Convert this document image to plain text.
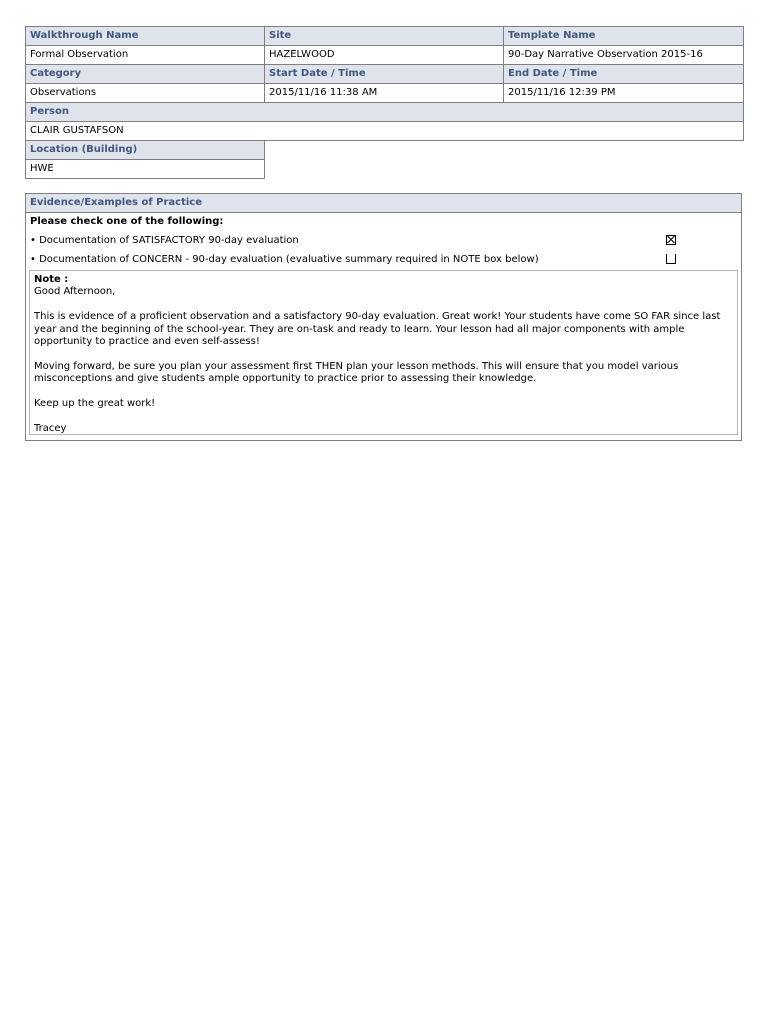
Walkthrough Name	Site	Template Name
Formal Observation	HAZELWOOD	90-Day Narrative Observation 2015-16
Category	Start Date / Time	End Date / Time
Observations	2015/11/16 11:38 AM	2015/11/16 12:39 PM
Person		
CLAIR GUSTAFSON		
Location (Building)		
HWE		
Evidence/Examples of Practice
Please check one of the following:
• Documentation of SATISFACTORY 90-day evaluation
• Documentation of CONCERN - 90-day evaluation (evaluative summary required in NOTE box below)

Note :

Good Afternoon,

This is evidence of a proficient observation and a satisfactory 90-day evaluation. Great work! Your students have come SO FAR since last

year and the beginning of the school-year. They are on-task and ready to learn. Your lesson had all major components with ample

opportunity to practice and even self-assess!

Moving forward, be sure you plan your assessment first THEN plan your lesson methods. This will ensure that you model various

misconceptions and give students ample opportunity to practice prior to assessing their knowledge.

Keep up the great work!

Tracey
